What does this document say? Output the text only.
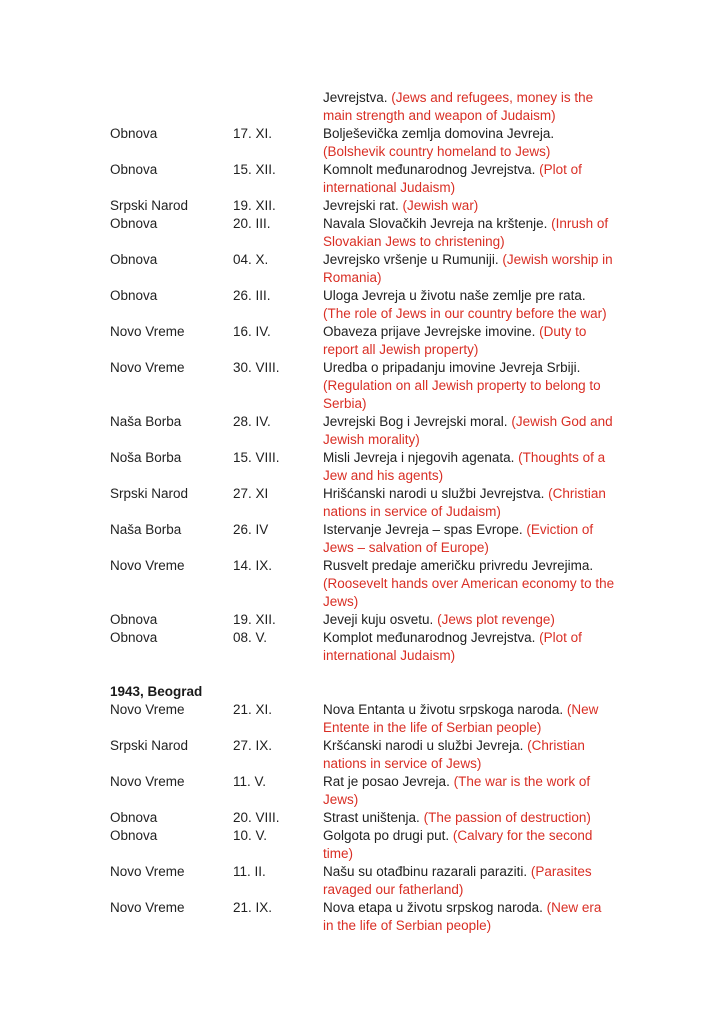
Jevrejstva. (Jews and refugees, money is the main strength and weapon of Judaism)
Obnova	17. XI.	Bolješevička zemlja domovina Jevreja. (Bolshevik country homeland to Jews)
Obnova	15. XII.	Komnolt međunarodnog Jevrejstva. (Plot of international Judaism)
Srpski Narod	19. XII.	Jevrejski rat. (Jewish war)
Obnova	20. III.	Navala Slovačkih Jevreja na krštenje. (Inrush of Slovakian Jews to christening)
Obnova	04. X.	Jevrejsko vršenje u Rumuniji. (Jewish worship in Romania)
Obnova	26. III.	Uloga Jevreja u životu naše zemlje pre rata. (The role of Jews in our country before the war)
Novo Vreme	16. IV.	Obaveza prijave Jevrejske imovine. (Duty to report all Jewish property)
Novo Vreme	30. VIII.	Uredba o pripadanju imovine Jevreja Srbiji. (Regulation on all Jewish property to belong to Serbia)
Naša Borba	28. IV.	Jevrejski Bog i Jevrejski moral. (Jewish God and Jewish morality)
Noša Borba	15. VIII.	Misli Jevreja i njegovih agenata. (Thoughts of a Jew and his agents)
Srpski Narod	27. XI	Hrišćanski narodi u službi Jevrejstva. (Christian nations in service of Judaism)
Naša Borba	26. IV	Istervanje Jevreja – spas Evrope. (Eviction of Jews – salvation of Europe)
Novo Vreme	14. IX.	Rusvelt predaje američku privredu Jevrejima. (Roosevelt hands over American economy to the Jews)
Obnova	19. XII.	Jeveji kuju osvetu. (Jews plot revenge)
Obnova	08. V.	Komplot međunarodnog Jevrejstva. (Plot of international Judaism)
1943, Beograd
Novo Vreme	21. XI.	Nova Entanta u životu srpskoga naroda. (New Entente in the life of Serbian people)
Srpski Narod	27. IX.	Kršćanski narodi u službi Jevreja. (Christian nations in service of Jews)
Novo Vreme	11. V.	Rat je posao Jevreja. (The war is the work of Jews)
Obnova	20. VIII.	Strast uništenja. (The passion of destruction)
Obnova	10. V.	Golgota po drugi put. (Calvary for the second time)
Novo Vreme	11. II.	Našu su otađbinu razarali paraziti. (Parasites ravaged our fatherland)
Novo Vreme	21. IX.	Nova etapa u životu srpskog naroda. (New era in the life of Serbian people)
